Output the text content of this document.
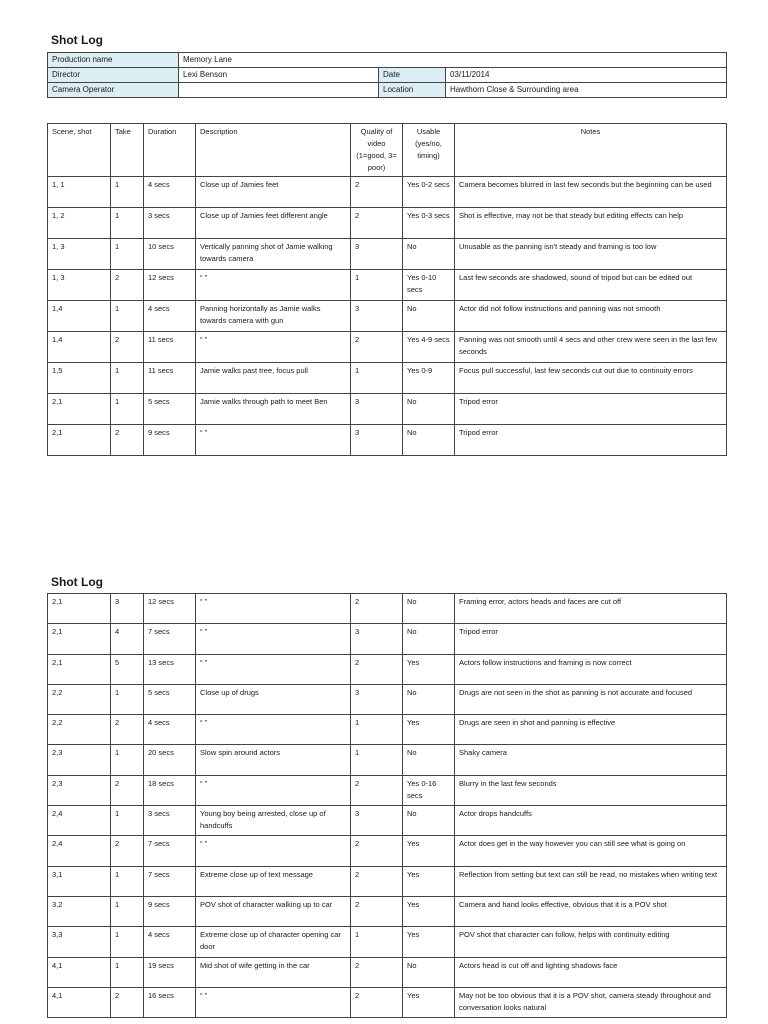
Shot Log
Production name	Memory Lane		
Director	Lexi Benson	Date	03/11/2014
Camera Operator		Location	Hawthorn Close & Surrounding area
Scene, shot	Take	Duration	Description	Quality of video (1=good, 3= poor)	Usable (yes/no, timing)	Notes
1, 1	1	4 secs	Close up of Jamies feet	2	Yes 0-2 secs	Camera becomes blurred in last few seconds but the beginning can be used
1, 2	1	3 secs	Close up of Jamies feet different angle	2	Yes 0-3 secs	Shot is effective, may not be that steady but editing effects can help
1, 3	1	10 secs	Vertically panning shot of Jamie walking towards camera	3	No	Unusable as the panning isn't steady and framing is too low
1, 3	2	12 secs	“ ”	1	Yes 0-10 secs	Last few seconds are shadowed, sound of tripod but can be edited out
1,4	1	4 secs	Panning horizontally as Jamie walks towards camera with gun	3	No	Actor did not follow instructions and panning was not smooth
1,4	2	11 secs	“ ”	2	Yes 4-9 secs	Panning was not smooth until 4 secs and other crew were seen in the last few seconds
1,5	1	11 secs	Jamie walks past tree, focus pull	1	Yes 0-9	Focus pull successful, last few seconds cut out due to continuity errors
2,1	1	5 secs	Jamie walks through path to meet Ben	3	No	Tripod error
2,1	2	9 secs	“ ”	3	No	Tripod error
Shot Log
2,1	3	12 secs	“ ”	2	No	Framing error, actors heads and faces are cut off
2,1	4	7 secs	“ ”	3	No	Tripod error
2,1	5	13 secs	“ ”	2	Yes	Actors follow instructions and framing is now correct
2,2	1	5 secs	Close up of drugs	3	No	Drugs are not seen in the shot as panning is not accurate and focused
2,2	2	4 secs	“ ”	1	Yes	Drugs are seen in shot and panning is effective
2,3	1	20 secs	Slow spin around actors	1	No	Shaky camera
2,3	2	18 secs	“ ”	2	Yes 0-16 secs	Blurry in the last few seconds
2,4	1	3 secs	Young boy being arrested, close up of handcuffs	3	No	Actor drops handcuffs
2,4	2	7 secs	“ ”	2	Yes	Actor does get in the way however you can still see what is going on
3,1	1	7 secs	Extreme close up of text message	2	Yes	Reflection from setting but text can still be read, no mistakes when writing text
3,2	1	9 secs	POV shot of character walking up to car	2	Yes	Camera and hand looks effective, obvious that it is a POV shot
3,3	1	4 secs	Extreme close up of character opening car door	1	Yes	POV shot that character can follow, helps with continuity editing
4,1	1	19 secs	Mid shot of wife getting in the car	2	No	Actors head is cut off and lighting shadows face
4,1	2	16 secs	“ ”	2	Yes	May not be too obvious that it is a POV shot, camera steady throughout and conversation looks natural
